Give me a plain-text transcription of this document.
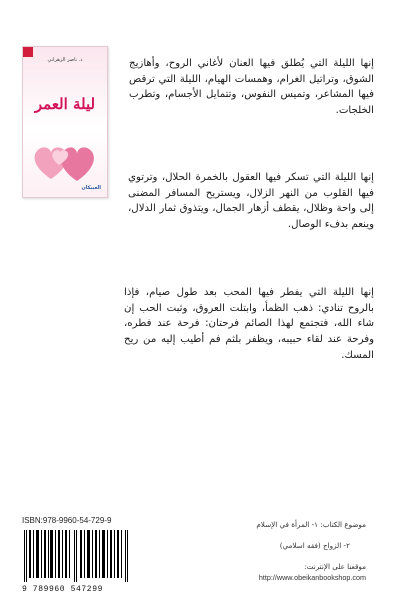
د. ناصر الزهراني
ليلة العمر
العبيكان

إنها الليلة التي يُطلق فيها العنان لأغاني الروح، وأهازيج الشوق، وتراتيل الغرام، وهمسات الهيام، الليلة التي ترقص فيها المشاعر، وتميس النفوس، وتتمايل الأجسام، وتطرب الخلجات.

إنها الليلة التي تسكر فيها العقول بالخمرة الحلال، وترتوي فيها القلوب من النهر الزلال، ويستريح المسافر المضنى إلى واحة وظلال، يقطف أزهار الجمال، ويتذوق ثمار الدلال، وينعم بدفء الوصال.

إنها الليلة التي يفطر فيها المحب بعد طول صيام، فإذا بالروح تنادي: ذهب الظمأ، وابتلت العروق، وثبت الحب إن شاء الله، فتجتمع لهذا الصائم فرحتان: فرحة عند فطره، وفرحة عند لقاء حبيبه، ويظفر بلثم فم أطيب إليه من ريح المسك.

ISBN:978-9960-54-729-9
9 789960 547299
موضوع الكتاب: ١- المرأة في الإسلام
٢- الزواج (فقه اسلامي)
موقعنا على الإنترنت:
http://www.obeikanbookshop.com
